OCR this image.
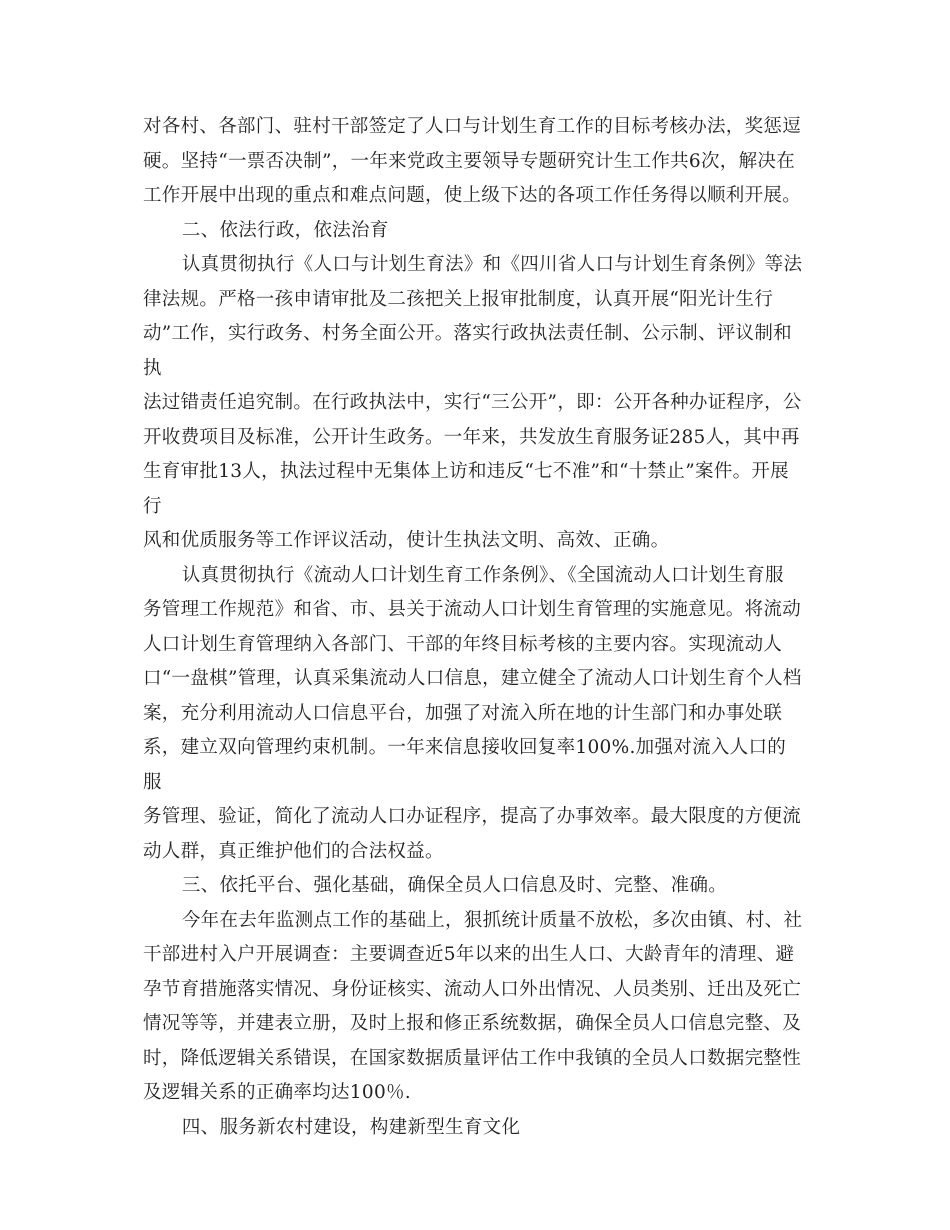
对各村、各部门、驻村干部签定了人口与计划生育工作的目标考核办法，奖惩逗
硬。坚持“一票否决制”，一年来党政主要领导专题研究计生工作共6次，解决在
工作开展中出现的重点和难点问题，使上级下达的各项工作任务得以顺利开展。

二、依法行政，依法治育

认真贯彻执行《人口与计划生育法》和《四川省人口与计划生育条例》等法
律法规。严格一孩申请审批及二孩把关上报审批制度，认真开展“阳光计生行
动”工作，实行政务、村务全面公开。落实行政执法责任制、公示制、评议制和执
法过错责任追究制。在行政执法中，实行“三公开”，即：公开各种办证程序，公
开收费项目及标准，公开计生政务。一年来，共发放生育服务证285人，其中再
生育审批13人，执法过程中无集体上访和违反“七不准”和“十禁止”案件。开展行
风和优质服务等工作评议活动，使计生执法文明、高效、正确。

认真贯彻执行《流动人口计划生育工作条例》、《全国流动人口计划生育服
务管理工作规范》和省、市、县关于流动人口计划生育管理的实施意见。将流动
人口计划生育管理纳入各部门、干部的年终目标考核的主要内容。实现流动人
口“一盘棋”管理，认真采集流动人口信息，建立健全了流动人口计划生育个人档
案，充分利用流动人口信息平台，加强了对流入所在地的计生部门和办事处联
系，建立双向管理约束机制。一年来信息接收回复率100%.加强对流入人口的服
务管理、验证，简化了流动人口办证程序，提高了办事效率。最大限度的方便流
动人群，真正维护他们的合法权益。

三、依托平台、强化基础，确保全员人口信息及时、完整、准确。

今年在去年监测点工作的基础上，狠抓统计质量不放松，多次由镇、村、社
干部进村入户开展调查：主要调查近5年以来的出生人口、大龄青年的清理、避
孕节育措施落实情况、身份证核实、流动人口外出情况、人员类别、迁出及死亡
情况等等，并建表立册，及时上报和修正系统数据，确保全员人口信息完整、及
时，降低逻辑关系错误，在国家数据质量评估工作中我镇的全员人口数据完整性
及逻辑关系的正确率均达100％.

四、服务新农村建设，构建新型生育文化
